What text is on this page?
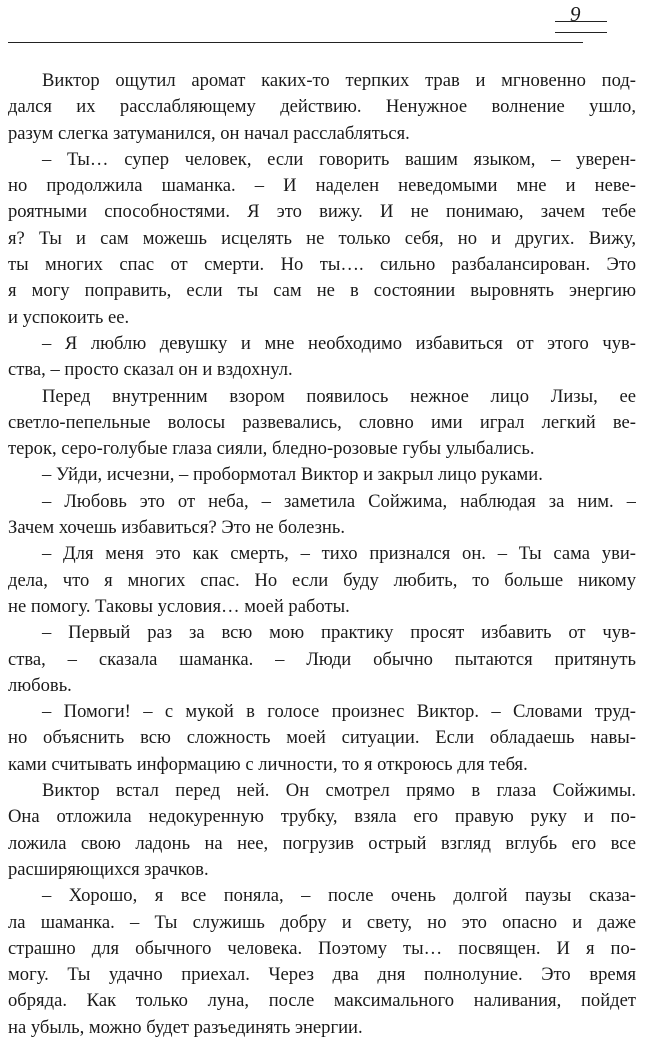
9
Виктор ощутил аромат каких-то терпких трав и мгновенно под-
дался их расслабляющему действию. Ненужное волнение ушло,
разум слегка затуманился, он начал расслабляться.
– Ты… супер человек, если говорить вашим языком, – уверен-
но продолжила шаманка. – И наделен неведомыми мне и неве-
роятными способностями. Я это вижу. И не понимаю, зачем тебе
я? Ты и сам можешь исцелять не только себя, но и других. Вижу,
ты многих спас от смерти. Но ты…. сильно разбалансирован. Это
я могу поправить, если ты сам не в состоянии выровнять энергию
и успокоить ее.
– Я люблю девушку и мне необходимо избавиться от этого чув-
ства, – просто сказал он и вздохнул.
Перед внутренним взором появилось нежное лицо Лизы, ее
светло-пепельные волосы развевались, словно ими играл легкий ве-
терок, серо-голубые глаза сияли, бледно-розовые губы улыбались.
– Уйди, исчезни, – пробормотал Виктор и закрыл лицо руками.
– Любовь это от неба, – заметила Сойжима, наблюдая за ним. –
Зачем хочешь избавиться? Это не болезнь.
– Для меня это как смерть, – тихо признался он. – Ты сама уви-
дела, что я многих спас. Но если буду любить, то больше никому
не помогу. Таковы условия… моей работы.
– Первый раз за всю мою практику просят избавить от чув-
ства, – сказала шаманка. – Люди обычно пытаются притянуть
любовь.
– Помоги! – с мукой в голосе произнес Виктор. – Словами труд-
но объяснить всю сложность моей ситуации. Если обладаешь навы-
ками считывать информацию с личности, то я откроюсь для тебя.
Виктор встал перед ней. Он смотрел прямо в глаза Сойжимы.
Она отложила недокуренную трубку, взяла его правую руку и по-
ложила свою ладонь на нее, погрузив острый взгляд вглубь его все
расширяющихся зрачков.
– Хорошо, я все поняла, – после очень долгой паузы сказа-
ла шаманка. – Ты служишь добру и свету, но это опасно и даже
страшно для обычного человека. Поэтому ты… посвящен. И я по-
могу. Ты удачно приехал. Через два дня полнолуние. Это время
обряда. Как только луна, после максимального наливания, пойдет
на убыль, можно будет разъединять энергии.
